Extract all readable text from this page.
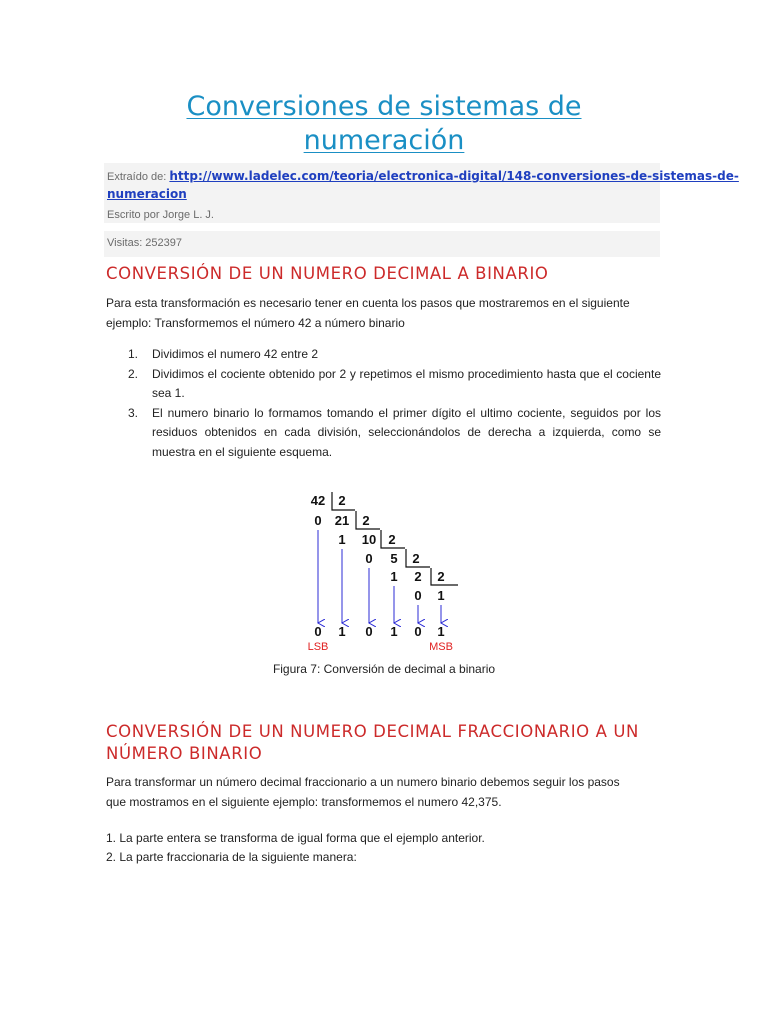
Conversiones de sistemas de
numeración
Extraído de: http://www.ladelec.com/teoria/electronica-digital/148-conversiones-de-sistemas-de-
numeracion
Escrito por Jorge L. J.
Visitas: 252397
CONVERSIÓN DE UN NUMERO DECIMAL A BINARIO

Para esta transformación es necesario tener en cuenta los pasos que mostraremos en el siguiente
ejemplo: Transformemos el número 42 a número binario

1. Dividimos el numero 42 entre 2
2. Dividimos el cociente obtenido por 2 y repetimos el mismo procedimiento hasta que el cociente sea 1.
3. El numero binario lo formamos tomando el primer dígito el ultimo cociente, seguidos por los residuos obtenidos en cada división, seleccionándolos de derecha a izquierda, como se muestra en el siguiente esquema.
42
21
10
5
2
2
2
2
2
2
0
1
0
1
0 1
0 1 0 1 0 1
LSB	MSB
Figura 7: Conversión de decimal a binario
CONVERSIÓN DE UN NUMERO DECIMAL FRACCIONARIO A UN
NÚMERO BINARIO

Para transformar un número decimal fraccionario a un numero binario debemos seguir los pasos
que mostramos en el siguiente ejemplo: transformemos el numero 42,375.

1. La parte entera se transforma de igual forma que el ejemplo anterior.
2. La parte fraccionaria de la siguiente manera:
